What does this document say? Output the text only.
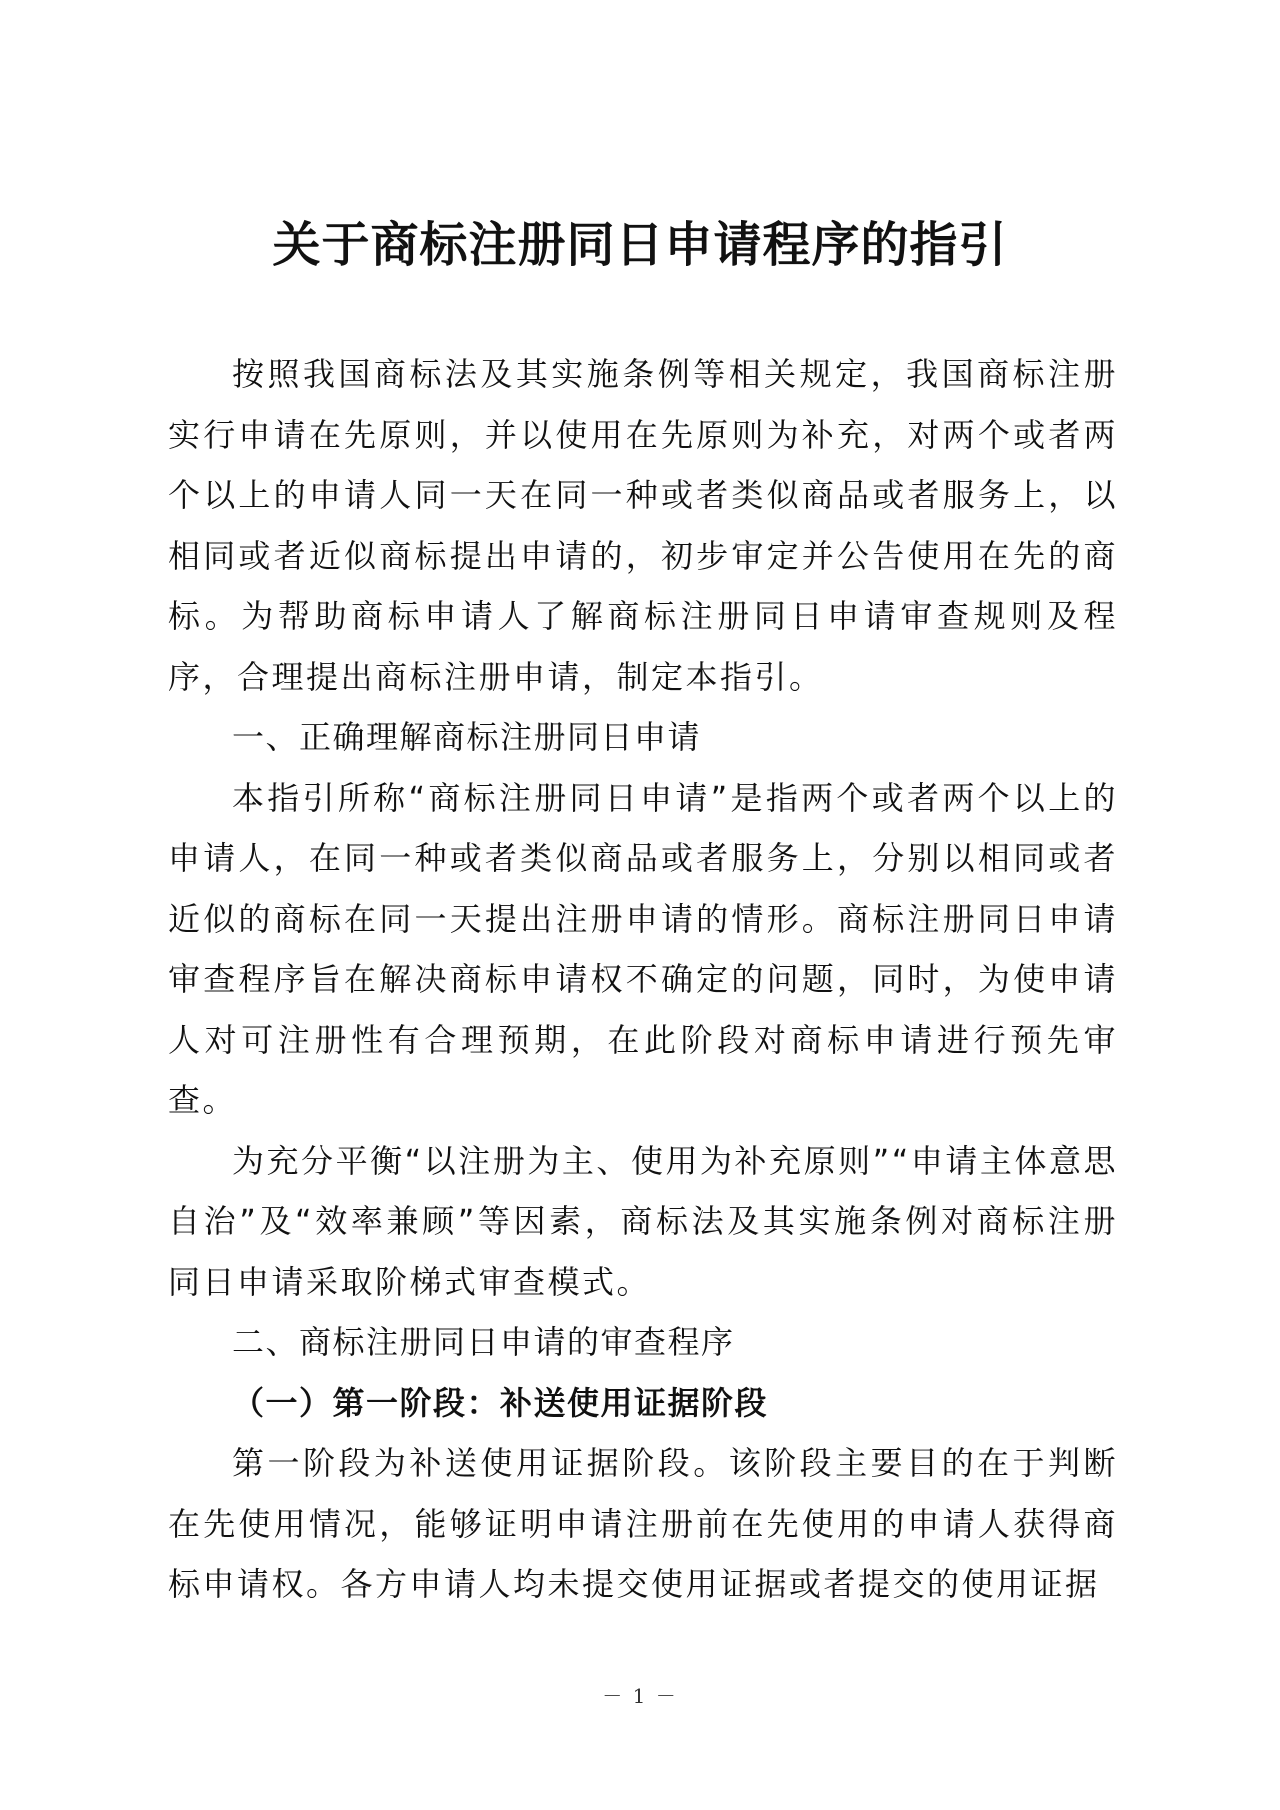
关于商标注册同日申请程序的指引

按照我国商标法及其实施条例等相关规定，我国商标注册实行申请在先原则，并以使用在先原则为补充，对两个或者两个以上的申请人同一天在同一种或者类似商品或者服务上，以相同或者近似商标提出申请的，初步审定并公告使用在先的商标。为帮助商标申请人了解商标注册同日申请审查规则及程序，合理提出商标注册申请，制定本指引。

一、正确理解商标注册同日申请

本指引所称“商标注册同日申请”是指两个或者两个以上的申请人，在同一种或者类似商品或者服务上，分别以相同或者近似的商标在同一天提出注册申请的情形。商标注册同日申请审查程序旨在解决商标申请权不确定的问题，同时，为使申请人对可注册性有合理预期，在此阶段对商标申请进行预先审查。

为充分平衡“以注册为主、使用为补充原则”“申请主体意思自治”及“效率兼顾”等因素，商标法及其实施条例对商标注册同日申请采取阶梯式审查模式。

二、商标注册同日申请的审查程序
（一）第一阶段：补送使用证据阶段

第一阶段为补送使用证据阶段。该阶段主要目的在于判断在先使用情况，能够证明申请注册前在先使用的申请人获得商标申请权。各方申请人均未提交使用证据或者提交的使用证据

－ 1 －
